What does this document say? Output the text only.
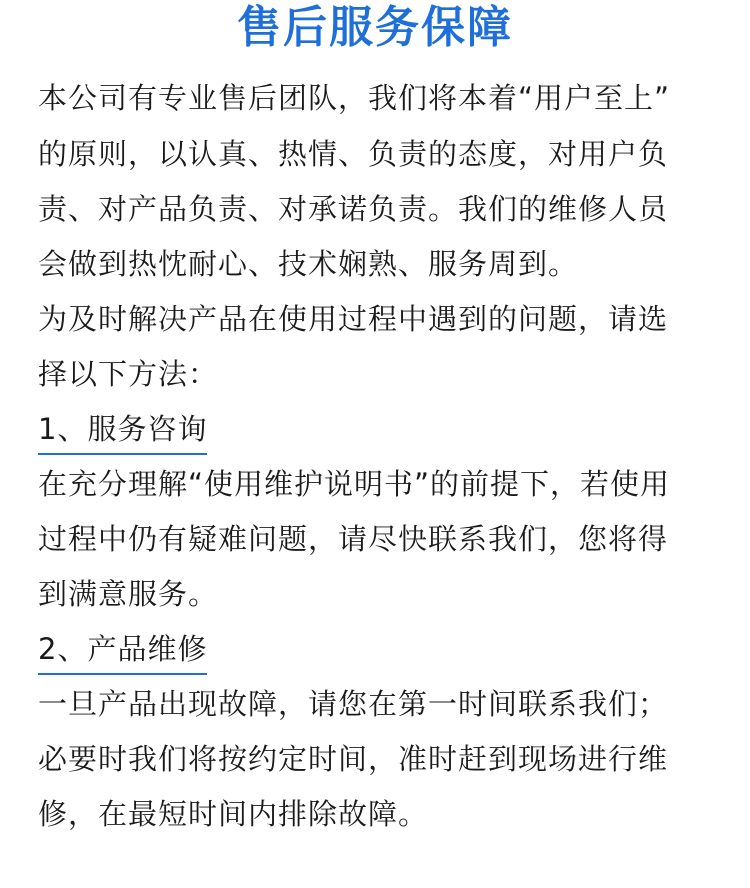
售后服务保障
本公司有专业售后团队，我们将本着“用户至上”
的原则，以认真、热情、负责的态度，对用户负
责、对产品负责、对承诺负责。我们的维修人员
会做到热忱耐心、技术娴熟、服务周到。
为及时解决产品在使用过程中遇到的问题，请选
择以下方法：
1、服务咨询
在充分理解“使用维护说明书”的前提下，若使用
过程中仍有疑难问题，请尽快联系我们，您将得
到满意服务。
2、产品维修
一旦产品出现故障，请您在第一时间联系我们；
必要时我们将按约定时间，准时赶到现场进行维
修，在最短时间内排除故障。
